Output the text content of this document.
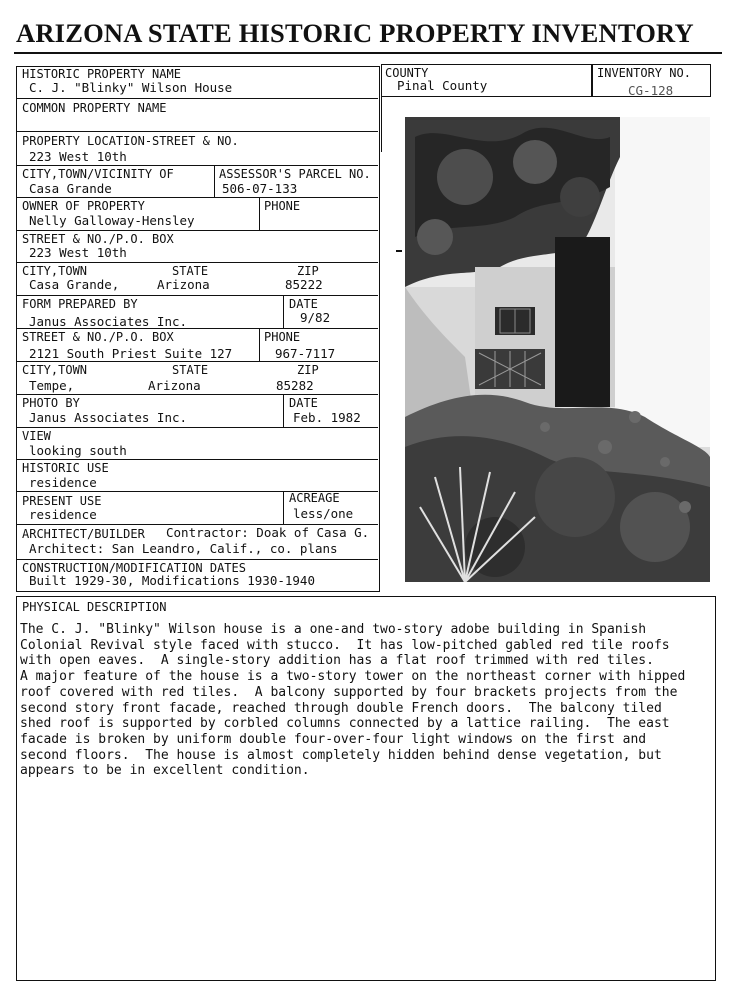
ARIZONA STATE HISTORIC PROPERTY INVENTORY
HISTORIC PROPERTY NAME
C. J. "Blinky" Wilson House
COMMON PROPERTY NAME
PROPERTY LOCATION-STREET & NO.
223 West 10th
CITY,TOWN/VICINITY OF
Casa Grande
ASSESSOR'S PARCEL NO.
506-07-133
OWNER OF PROPERTY
Nelly Galloway-Hensley
PHONE
STREET & NO./P.O. BOX
223 West 10th
CITY,TOWN	STATE	ZIP
Casa Grande,	Arizona	85222
FORM PREPARED BY
Janus Associates Inc.
DATE
9/82
STREET & NO./P.O. BOX
2121 South Priest Suite 127
PHONE
967-7117
CITY,TOWN	STATE	ZIP
Tempe,	Arizona	85282
PHOTO BY
Janus Associates Inc.
DATE
Feb. 1982
VIEW
looking south
HISTORIC USE
residence
PRESENT USE
residence
ACREAGE
less/one
ARCHITECT/BUILDER Contractor: Doak of Casa G.
Architect: San Leandro, Calif., co. plans
CONSTRUCTION/MODIFICATION DATES
Built 1929-30, Modifications 1930-1940
COUNTY
Pinal County
INVENTORY NO.
CG-128
PHYSICAL DESCRIPTION
The C. J. "Blinky" Wilson house is a one-and two-story adobe building in Spanish
Colonial Revival style faced with stucco.  It has low-pitched gabled red tile roofs
with open eaves.  A single-story addition has a flat roof trimmed with red tiles.
A major feature of the house is a two-story tower on the northeast corner with hipped
roof covered with red tiles.  A balcony supported by four brackets projects from the
second story front facade, reached through double French doors.  The balcony tiled
shed roof is supported by corbled columns connected by a lattice railing.  The east
facade is broken by uniform double four-over-four light windows on the first and
second floors.  The house is almost completely hidden behind dense vegetation, but
appears to be in excellent condition.
